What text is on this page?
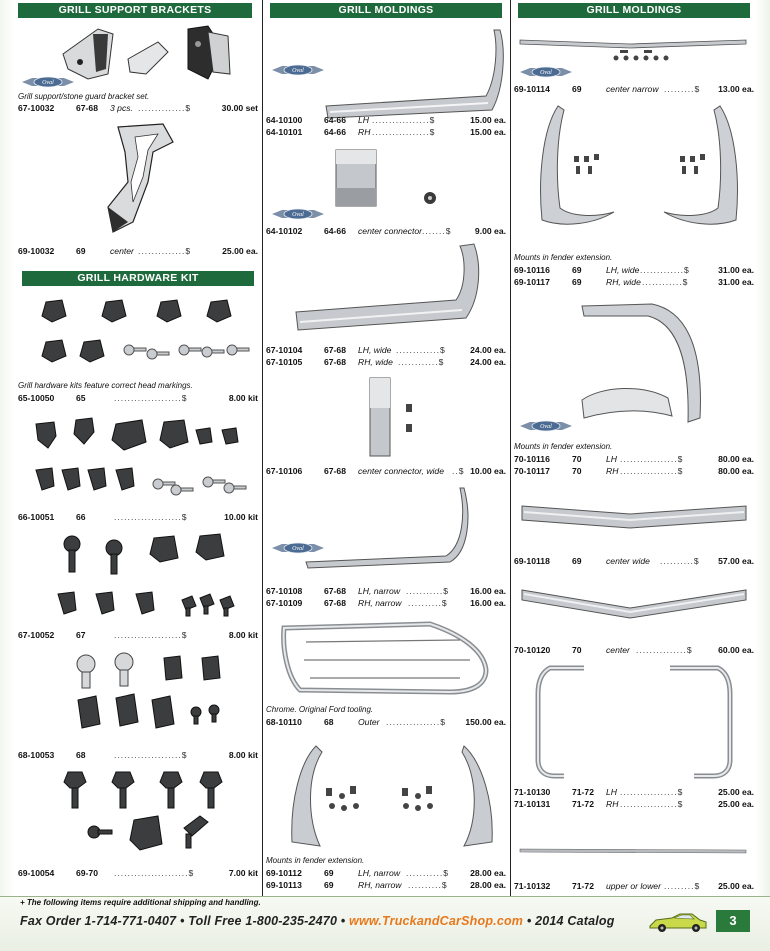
GRILL SUPPORT BRACKETS
Oval
Grill support/stone guard bracket set.
67-10032	67-68 3 pcs. ..............$	30.00 set
69-10032	69	center ..............$	25.00 ea.
GRILL HARDWARE KIT
Grill hardware kits feature correct head markings.
65-10050	65	....................$	8.00 kit
66-10051	66	....................$	10.00 kit
67-10052	67	....................$	8.00 kit
68-10053	68	....................$	8.00 kit
69-10054	69-70 ......................$	7.00 kit
GRILL MOLDINGS
Oval
64-10100	64-66 LH .................$	15.00 ea.
64-10101	64-66 RH .................$	15.00 ea.
Oval
64-10102	64-66 center connector .......$	9.00 ea.
67-10104	67-68 LH, wide .............$	24.00 ea.
67-10105	67-68 RH, wide ............$	24.00 ea.
67-10106	67-68 center connector, wide ..$ 10.00 ea.
Oval
67-10108	67-68 LH, narrow ...........$ 16.00 ea.
67-10109	67-68 RH, narrow ..........$	16.00 ea.
Chrome. Original Ford tooling.
68-10110	68	Outer ................$ 150.00 ea.
Mounts in fender extension.
69-10112	69	LH, narrow ...........$ 28.00 ea.
69-10113	69	RH, narrow ..........$	28.00 ea.
GRILL MOLDINGS
Oval
69-10114	69	center narrow .........$ 13.00 ea.
Mounts in fender extension.
69-10116	69	LH, wide .............$	31.00 ea.
69-10117	69	RH, wide ............$	31.00 ea.
Oval
Mounts in fender extension.
70-10116	70	LH .................$	80.00 ea.
70-10117	70	RH .................$	80.00 ea.
69-10118	69	center wide ..........$ 57.00 ea.
70-10120	70	center ...............$	60.00 ea.
71-10130	71-72 LH .................$	25.00 ea.
71-10131	71-72 RH .................$	25.00 ea.
71-10132	71-72 upper or lower .........$ 25.00 ea.
+ The following items require additional shipping and handling.
Fax Order 1-714-771-0407 • Toll Free 1-800-235-2470 • www.TruckandCarShop.com • 2014 Catalog	3
